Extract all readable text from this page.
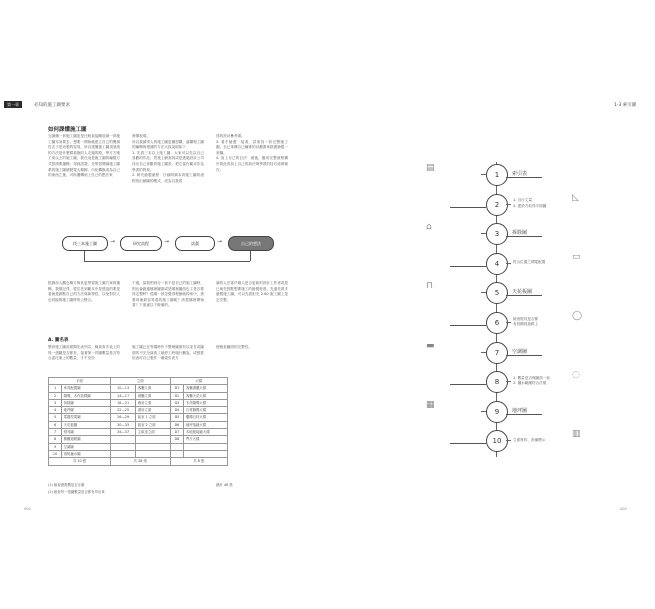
第一章	必知的施工圖要求
如何課懂施工圖
完讀懂一套施工圖更是比較直接關前讀一套施工圖本身要去，想要一開始就建立自己的閱讀性去子是這製的容易，所以建懂施工圖須須流的方法是什麼樣看施的人走過的路，學方方施工來以上的施工圖，我在這是施工圖的編製方式按照要邏輯，得到認證，先學習閱讀施工圖系的施工圖總製電大概歸，內化轉換成為自己的東西之後，可再邏轉到上自己的想法來
發揮表現。
所以我讀別人的施工圖更圖思構，讓構程工圖的編輯與根據的方法大致說明如下：
1. 先看三本以上施工圖：大家可以先以自己喜歡的作品，然後上網查找或是透過設計公司找出自己喜歡的施工圖設，把它當作範本作為學習的對象。
2. 研究繪製流程：仔細研讀本套施工圖的流程找出繪圖的模式，成為自我習
得的設計參考書。
3. 著手繪畫：接著，試著找一套完整施工圖，自己來練自己編排的計劃書來描畫繪製一套圖。
4. 加上自己的巨法：最後，應用完整流程構序看此再加上自己的新法與學習的技巧延伸創作。
找三本施工圖	→	研究流程	→	試畫	→	自己的想法
根據前人觀念概方與其更學習施工圖方案的邏輯，我覺記得，從往先到範本中是透說的要是看就是做點自己的方法與新特性，以免對於人也同能夠施工圖時的公整合。
干過，當我們到分一套不是自己的施工圖時，則也會跑過哪裡圖面或是哪裡圖面也工是否要得定整時？從哪一該怎覺得程繪就掉來中，需要再補最容易看的施工圖呢？該從哪裡開始看？下面逐以下較備的。
讀的人在客戶個人是否更新的設計工作者或是已就先按點想要施工的繪製進度。先還先看手繪製施工圖，可以先看拒先 2.60 施工圖上是怎完整。
A. 圖名表
整套施工圖前面開先表列名，稱查查手表上的每一張圖是否都有，接著第一頁圖數量是否符合委托案上的數量，才不至於
施工圖已在等場時作于整理圖面有以並在或圖面的不完全資改工地停工時施行難說，或根要依表可自己製作一個索引表方
便檢查圖面的完整性。
平面		立面		大樣	
1	家具配置圖	10—13	客廳立面	D1	客廳書櫃大樣
2	隔間、木作放樣圖	14—17	餐廳立面	D2	客廳天花大樣
3	拆除圖	18—21	廚房立面	D3	木作隔間大樣
4	地坪圖	22—25	書房立面	D4	石材隔間大樣
5	電器控電圖	26—29	臥室 1 立面	D5	樓梯石材大樣
6	天花板圖	30—33	臥室 2 立面	D6	地坪接縫大樣
7	燈具圖	34—37	主臥室立面	D7	木地板接縫大樣
8	開關迴路圖			D8	門片大樣
9	空調圖				
10	消防灑水圖				
共 10 張		共 28 張		共 8 張	
總計 46 張
(1) 檢查總張數是否正確
(2) 檢查每一張圖數量是否都有印出來
000
1-3 索引圖
1	索引表
▤
2
1. 自行丈量
2. 建設方取得平面圖
◺
3	拆除圖
⌂
4	符合位置之開電配置
▭
5	天花板圖
⊓
6
檢查燈具是否都
有回饋到迴路上
◯
7	空調圖
▬
8
1. 數量是否與圖面一致
2. 灑水範圍符合法規
◌
9	地坪圖
▦
10	立面材料、設備標示
▥
000
